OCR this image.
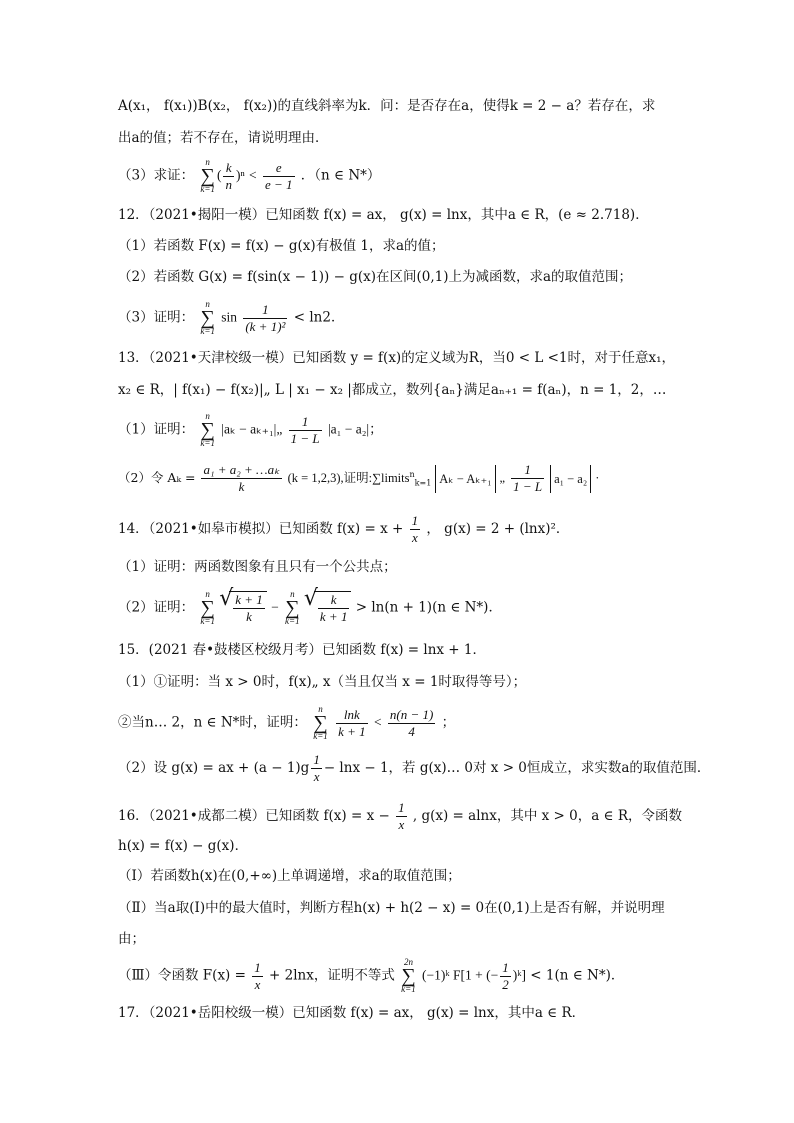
A(x₁， f(x₁))B(x₂， f(x₂))的直线斜率为k．问：是否存在a，使得k = 2 − a？若存在，求
出a的值；若不存在，请说明理由．
（3）求证：
n
∑
k=1
( $\frac{k}{n} )^n < \frac{e}{e - 1}$ ．（n ∈ N*）
12．（2021•揭阳一模）已知函数 f(x) = ax， g(x) = lnx，其中a ∈ R，(e ≈ 2.718)．
（1）若函数 F(x) = f(x) − g(x)有极值 1，求a的值；
（2）若函数 G(x) = f(sin(x − 1)) − g(x)在区间(0,1)上为减函数，求a的取值范围；
（3）证明：
n
∑
k=1
$\sin \frac{1}{\text{(k + 1)²}} < \ln 2$．
13．（2021•天津校级一模）已知函数 y = f(x)的定义域为R，当0 < L <1时，对于任意x₁，
x₂ ∈ R，| f(x₁) − f(x₂)|„ L | x₁ − x₂ |都成立，数列{aₙ}满足aₙ₊₁ = f(aₙ)，n = 1，2，…
（1）证明：
n
∑
k=1
|aₖ − aₖ₊₁|„ $\frac{1}{1 - L} |a_1 - a_2|$；
（2）令 $A_k = \frac{\text{a₁ + a₂ + …aₖ}}{k} (k = 1,2,3)$,证明:∑limits$^n_{k=1}$ Aₖ − Aₖ₊₁ „ $\frac{1}{1 - L} a_1 - a_2$ ·
14．（2021•如皋市模拟）已知函数 $f(x) = x + \frac{1}{x}$ ， g(x) = 2 + (lnx)²．
（1）证明：两函数图象有且只有一个公共点；
（2）证明：
n
∑
k=1
√ $\frac{k + 1}{k}$ −
n
∑
k=1
√ $\frac{k}{k + 1} > \ln(n + 1)(n$ ∈ N*)．
15．(2021 春•鼓楼区校级月考）已知函数 f(x) = lnx + 1．
（1）①证明：当 x > 0时，f(x)„ x（当且仅当 x = 1时取得等号）；
②当n… 2，n ∈ N*时，证明：
n
∑
k=1
$\frac{\ln k}{k + 1} < \frac{n(n - 1)}{4}$ ；
（2）设 g(x) = ax + $(a - 1)g \frac{1}{x} - \ln x - 1$，若 g(x)… 0对 x > 0恒成立，求实数a的取值范围．
16．（2021•成都二模）已知函数 $f(x) = x - \frac{1}{x}$ , g(x) = alnx，其中 x > 0，a ∈ R，令函数
h(x) = f(x) − g(x)．
（Ⅰ）若函数h(x)在(0,+∞)上单调递增，求a的取值范围；
（Ⅱ）当a取(I)中的最大值时，判断方程h(x) + h(2 − x) = 0在(0,1)上是否有解，并说明理
由；
（Ⅲ）令函数 $F(x) = \frac{1}{x} + 2\ln x$，证明不等式
2n
∑
k=1
(−1)ᵏ F[1 + (− $\frac{1}{2}$ )ᵏ] < 1(n ∈ N*)．
17．（2021•岳阳校级一模）已知函数 f(x) = ax， g(x) = lnx，其中a ∈ R．
